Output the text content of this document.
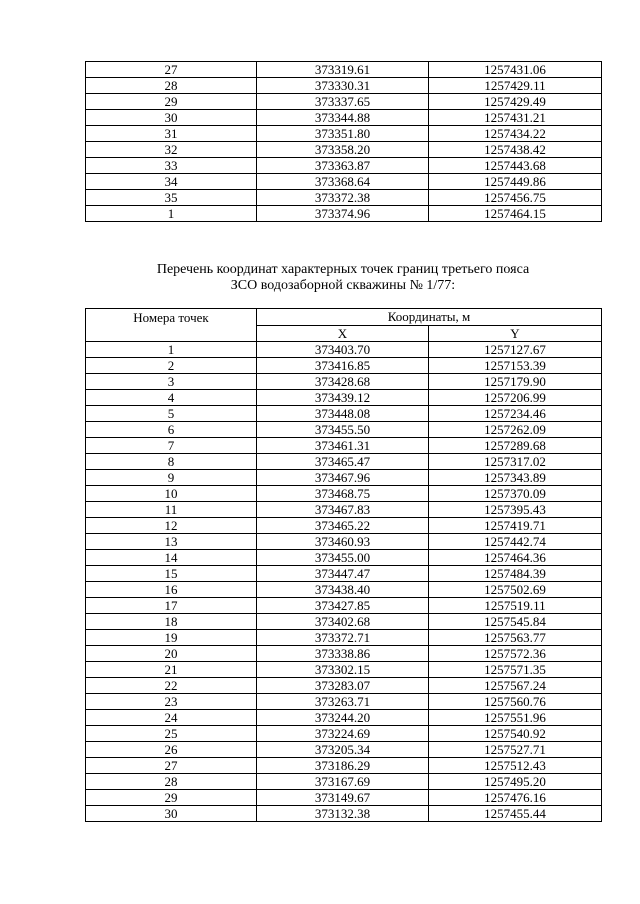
27	373319.61	1257431.06
28	373330.31	1257429.11
29	373337.65	1257429.49
30	373344.88	1257431.21
31	373351.80	1257434.22
32	373358.20	1257438.42
33	373363.87	1257443.68
34	373368.64	1257449.86
35	373372.38	1257456.75
1	373374.96	1257464.15
Перечень координат характерных точек границ третьего пояса
ЗСО водозаборной скважины № 1/77:
Номера точек	Координаты, м	
	X	Y
1	373403.70	1257127.67
2	373416.85	1257153.39
3	373428.68	1257179.90
4	373439.12	1257206.99
5	373448.08	1257234.46
6	373455.50	1257262.09
7	373461.31	1257289.68
8	373465.47	1257317.02
9	373467.96	1257343.89
10	373468.75	1257370.09
11	373467.83	1257395.43
12	373465.22	1257419.71
13	373460.93	1257442.74
14	373455.00	1257464.36
15	373447.47	1257484.39
16	373438.40	1257502.69
17	373427.85	1257519.11
18	373402.68	1257545.84
19	373372.71	1257563.77
20	373338.86	1257572.36
21	373302.15	1257571.35
22	373283.07	1257567.24
23	373263.71	1257560.76
24	373244.20	1257551.96
25	373224.69	1257540.92
26	373205.34	1257527.71
27	373186.29	1257512.43
28	373167.69	1257495.20
29	373149.67	1257476.16
30	373132.38	1257455.44
